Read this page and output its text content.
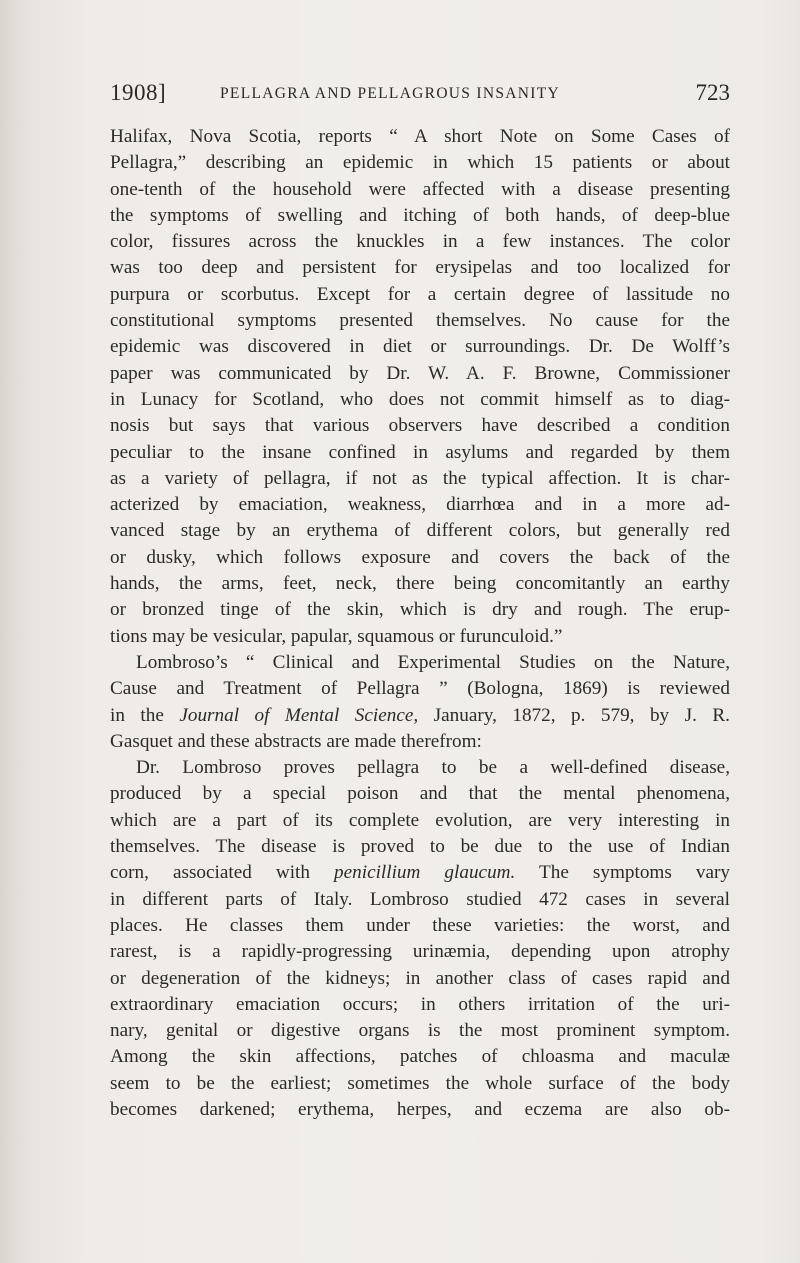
1908]	PELLAGRA AND PELLAGROUS INSANITY	723
Halifax, Nova Scotia, reports “ A short Note on Some Cases of
Pellagra,” describing an epidemic in which 15 patients or about
one-tenth of the household were affected with a disease presenting
the symptoms of swelling and itching of both hands, of deep-blue
color, fissures across the knuckles in a few instances. The color
was too deep and persistent for erysipelas and too localized for
purpura or scorbutus. Except for a certain degree of lassitude no
constitutional symptoms presented themselves. No cause for the
epidemic was discovered in diet or surroundings. Dr. De Wolff’s
paper was communicated by Dr. W. A. F. Browne, Commissioner
in Lunacy for Scotland, who does not commit himself as to diag-
nosis but says that various observers have described a condition
peculiar to the insane confined in asylums and regarded by them
as a variety of pellagra, if not as the typical affection. It is char-
acterized by emaciation, weakness, diarrhœa and in a more ad-
vanced stage by an erythema of different colors, but generally red
or dusky, which follows exposure and covers the back of the
hands, the arms, feet, neck, there being concomitantly an earthy
or bronzed tinge of the skin, which is dry and rough. The erup-
tions may be vesicular, papular, squamous or furunculoid.”
Lombroso’s “ Clinical and Experimental Studies on the Nature,
Cause and Treatment of Pellagra ” (Bologna, 1869) is reviewed
in the Journal of Mental Science, January, 1872, p. 579, by J. R.
Gasquet and these abstracts are made therefrom:
Dr. Lombroso proves pellagra to be a well-defined disease,
produced by a special poison and that the mental phenomena,
which are a part of its complete evolution, are very interesting in
themselves. The disease is proved to be due to the use of Indian
corn, associated with penicillium glaucum. The symptoms vary
in different parts of Italy. Lombroso studied 472 cases in several
places. He classes them under these varieties: the worst, and
rarest, is a rapidly-progressing urinæmia, depending upon atrophy
or degeneration of the kidneys; in another class of cases rapid and
extraordinary emaciation occurs; in others irritation of the uri-
nary, genital or digestive organs is the most prominent symptom.
Among the skin affections, patches of chloasma and maculæ
seem to be the earliest; sometimes the whole surface of the body
becomes darkened; erythema, herpes, and eczema are also ob-
